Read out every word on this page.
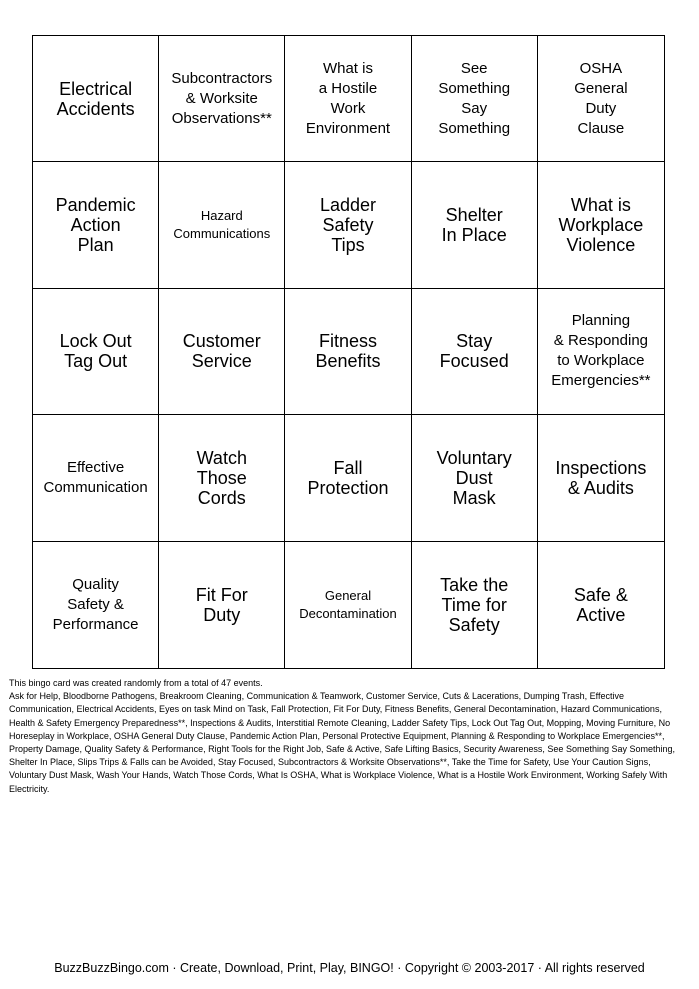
Electrical
Accidents
Subcontractors
& Worksite
Observations**
What is
a Hostile
Work
Environment
See
Something
Say
Something
OSHA
General
Duty
Clause
Pandemic
Action
Plan
Hazard
Communications
Ladder
Safety
Tips
Shelter
In Place
What is
Workplace
Violence
Lock Out
Tag Out
Customer
Service
Fitness
Benefits
Stay
Focused
Planning
& Responding
to Workplace
Emergencies**
Effective
Communication
Watch
Those
Cords
Fall
Protection
Voluntary
Dust
Mask
Inspections
& Audits
Quality
Safety &
Performance
Fit For
Duty
General
Decontamination
Take the
Time for
Safety
Safe &
Active
This bingo card was created randomly from a total of 47 events.
Ask for Help, Bloodborne Pathogens, Breakroom Cleaning, Communication & Teamwork, Customer Service, Cuts & Lacerations, Dumping Trash, Effective Communication, Electrical Accidents, Eyes on task Mind on Task, Fall Protection, Fit For Duty, Fitness Benefits, General Decontamination, Hazard Communications, Health & Safety Emergency Preparedness**, Inspections & Audits, Interstitial Remote Cleaning, Ladder Safety Tips, Lock Out Tag Out, Mopping, Moving Furniture, No Horeseplay in Workplace, OSHA General Duty Clause, Pandemic Action Plan, Personal Protective Equipment, Planning & Responding to Workplace Emergencies**, Property Damage, Quality Safety & Performance, Right Tools for the Right Job, Safe & Active, Safe Lifting Basics, Security Awareness, See Something Say Something, Shelter In Place, Slips Trips & Falls can be Avoided, Stay Focused, Subcontractors & Worksite Observations**, Take the Time for Safety, Use Your Caution Signs, Voluntary Dust Mask, Wash Your Hands, Watch Those Cords, What Is OSHA, What is Workplace Violence, What is a Hostile Work Environment, Working Safely With Electricity.
BuzzBuzzBingo.com · Create, Download, Print, Play, BINGO! · Copyright © 2003-2017 · All rights reserved
